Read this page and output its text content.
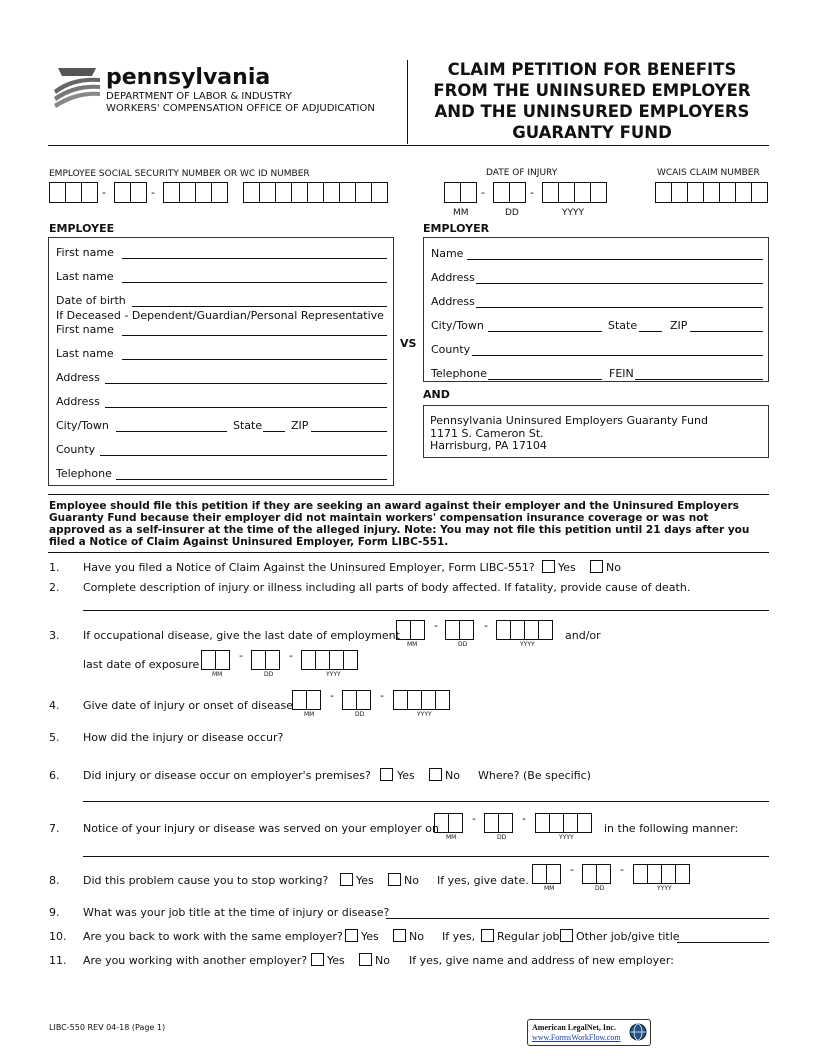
pennsylvania
DEPARTMENT OF LABOR & INDUSTRY
WORKERS' COMPENSATION OFFICE OF ADJUDICATION
CLAIM PETITION FOR BENEFITS
FROM THE UNINSURED EMPLOYER
AND THE UNINSURED EMPLOYERS
GUARANTY FUND
EMPLOYEE SOCIAL SECURITY NUMBER OR WC ID NUMBER	DATE OF INJURY	WCAIS CLAIM NUMBER
-	-	-	-
MM	DD	YYYY
EMPLOYEE
First name
Last name
Date of birth
If Deceased - Dependent/Guardian/Personal Representative
First name
Last name
Address
Address
City/Town	State	ZIP
County
Telephone
VS
EMPLOYER
Name
Address
Address
City/Town	State	ZIP
County
Telephone	FEIN
AND
Pennsylvania Uninsured Employers Guaranty Fund
1171 S. Cameron St.
Harrisburg, PA 17104
Employee should file this petition if they are seeking an award against their employer and the Uninsured Employers
Guaranty Fund because their employer did not maintain workers' compensation insurance coverage or was not
approved as a self-insurer at the time of the alleged injury. Note: You may not file this petition until 21 days after you
filed a Notice of Claim Against Uninsured Employer, Form LIBC-551.
1. Have you filed a Notice of Claim Against the Uninsured Employer, Form LIBC-551? Yes	No
2. Complete description of injury or illness including all parts of body affected. If fatality, provide cause of death.
3. If occupational disease, give the last date of employment
-	-
MM	DD	YYYY
and/or
last date of exposure
-	-
MM	DD	YYYY
4. Give date of injury or onset of disease
-	-
MM	DD	YYYY
5. How did the injury or disease occur?
6. Did injury or disease occur on employer's premises? Yes	No Where? (Be specific)
7. Notice of your injury or disease was served on your employer on
-	-
MM	DD	YYYY
in the following manner:
8. Did this problem cause you to stop working?	Yes	No If yes, give date.
-	-
MM	DD	YYYY
9. What was your job title at the time of injury or disease?
10. Are you back to work with the same employer? Yes	No If yes, Regular job Other job/give title
11. Are you working with another employer? Yes	No If yes, give name and address of new employer:
LIBC-550 REV 04-18 (Page 1)	American LegalNet, Inc.
www.FormsWorkFlow.com
